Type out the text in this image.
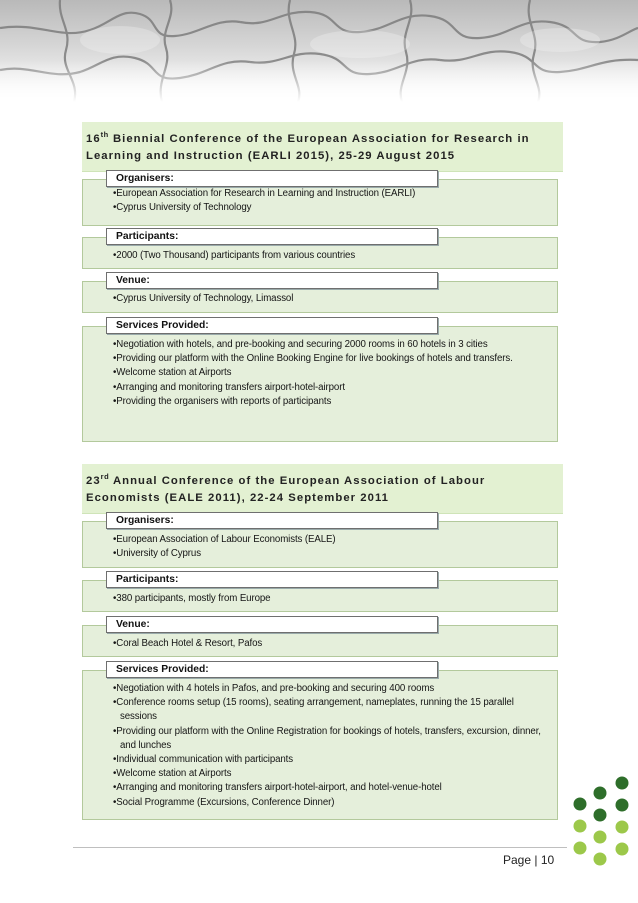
16th Biennial Conference of the European Association for Research in
Learning and Instruction (EARLI 2015), 25-29 August 2015
Organisers:
•European Association for Research in Learning and Instruction (EARLI)
•Cyprus University of Technology
Participants:
•2000 (Two Thousand) participants from various countries
Venue:
•Cyprus University of Technology, Limassol
Services Provided:
•Negotiation with hotels, and pre-booking and securing 2000 rooms in 60 hotels in 3 cities
•Providing our platform with the Online Booking Engine for live bookings of hotels and transfers.
•Welcome station at Airports
•Arranging and monitoring transfers airport-hotel-airport
•Providing the organisers with reports of participants
23rd Annual Conference of the European Association of Labour
Economists (EALE 2011), 22-24 September 2011
Organisers:
•European Association of Labour Economists (EALE)
•University of Cyprus
Participants:
•380 participants, mostly from Europe
Venue:
•Coral Beach Hotel & Resort, Pafos
Services Provided:
•Negotiation with 4 hotels in Pafos, and pre-booking and securing 400 rooms
•Conference rooms setup (15 rooms), seating arrangement, nameplates, running the 15 parallel sessions
•Providing our platform with the Online Registration for bookings of hotels, transfers, excursion, dinner, and lunches
•Individual communication with participants
•Welcome station at Airports
•Arranging and monitoring transfers airport-hotel-airport, and hotel-venue-hotel
•Social Programme (Excursions, Conference Dinner)
Page | 10
